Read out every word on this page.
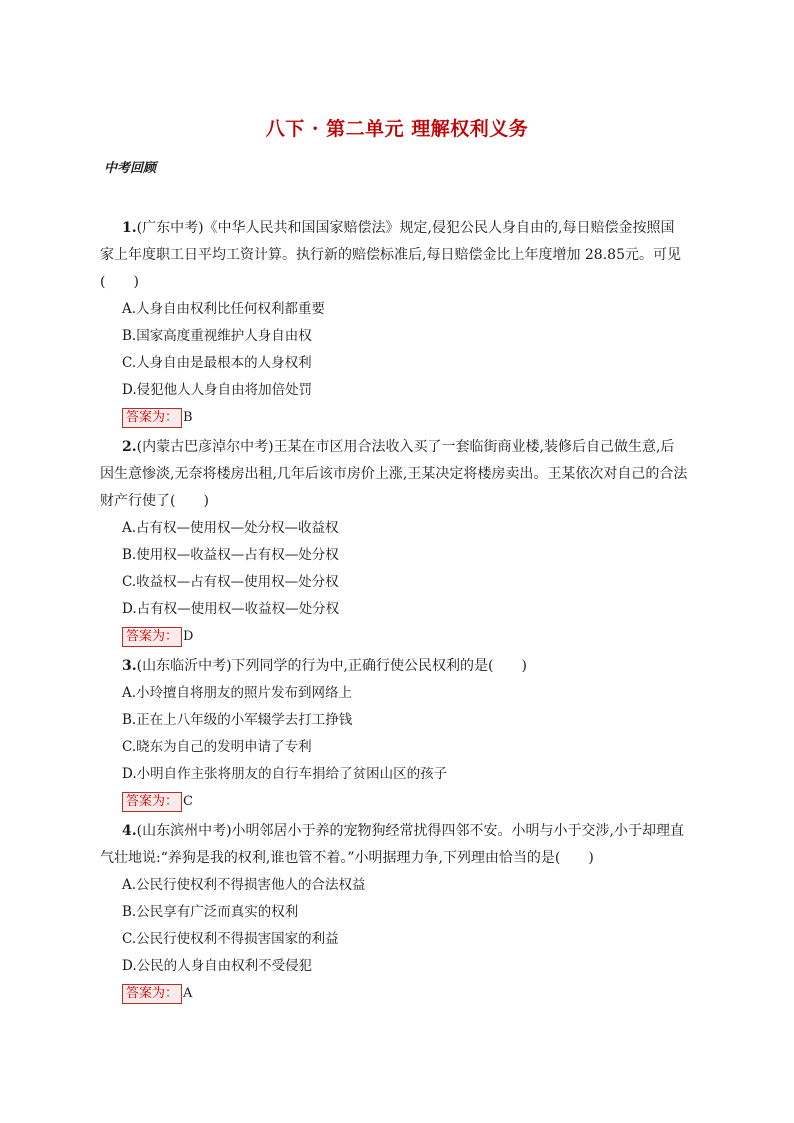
八下 · 第二单元 理解权利义务
中考回顾
1.(广东中考)《中华人民共和国国家赔偿法》规定,侵犯公民人身自由的,每日赔偿金按照国
家上年度职工日平均工资计算。执行新的赔偿标准后,每日赔偿金比上年度增加 28.85元。可见
(　　)
A.人身自由权利比任何权利都重要
B.国家高度重视维护人身自由权
C.人身自由是最根本的人身权利
D.侵犯他人人身自由将加倍处罚
答案为： B
2.(内蒙古巴彦淖尔中考)王某在市区用合法收入买了一套临街商业楼,装修后自己做生意,后
因生意惨淡,无奈将楼房出租,几年后该市房价上涨,王某决定将楼房卖出。王某依次对自己的合法
财产行使了(　　)
A.占有权—使用权—处分权—收益权
B.使用权—收益权—占有权—处分权
C.收益权—占有权—使用权—处分权
D.占有权—使用权—收益权—处分权
答案为： D
3.(山东临沂中考)下列同学的行为中,正确行使公民权利的是(　　)
A.小玲擅自将朋友的照片发布到网络上
B.正在上八年级的小军辍学去打工挣钱
C.晓东为自己的发明申请了专利
D.小明自作主张将朋友的自行车捐给了贫困山区的孩子
答案为： C
4.(山东滨州中考)小明邻居小于养的宠物狗经常扰得四邻不安。小明与小于交涉,小于却理直
气壮地说:“养狗是我的权利,谁也管不着。”小明据理力争,下列理由恰当的是(　　)
A.公民行使权利不得损害他人的合法权益
B.公民享有广泛而真实的权利
C.公民行使权利不得损害国家的利益
D.公民的人身自由权利不受侵犯
答案为： A
